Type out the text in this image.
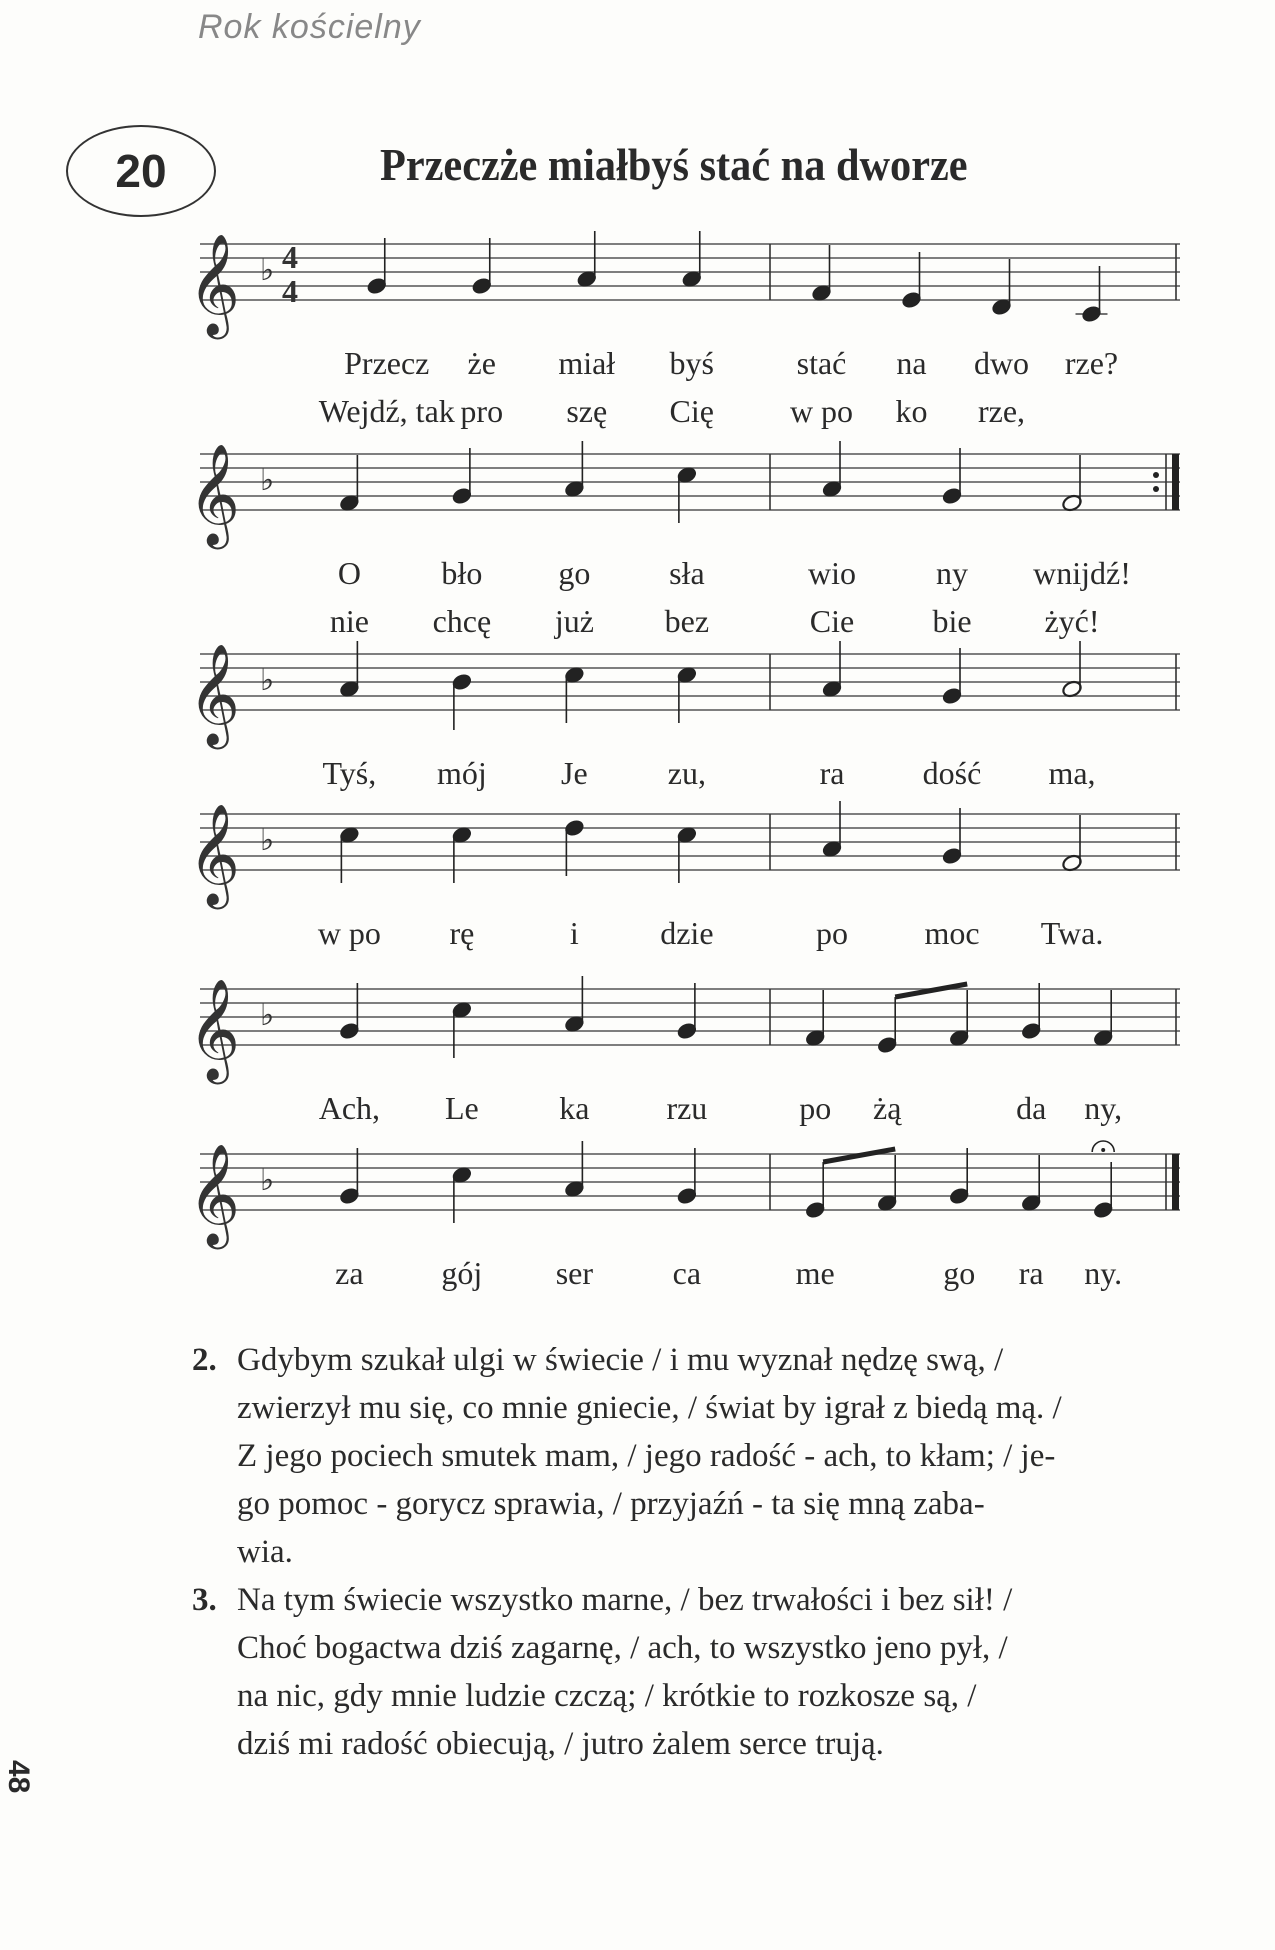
Rok kościelny
20	Przeczże miałbyś stać na dworze
𝄞 ♭ 4
4
Przecz że miał byś	stać na dwo rze?
Wejdź, tak pro szę Cię w po ko rze,
𝄞 ♭
O	bło go sła	wio	ny wnijdź!
nie chcę już bez	Cie bie żyć!
𝄞 ♭
Tyś, mój Je	zu,	ra dość ma,
𝄞 ♭
w po rę	i	dzie	po moc Twa.
𝄞 ♭
Ach, Le	ka rzu	po żą	da ny,
𝄞 ♭
za gój ser ca	me	go ra ny.
2. Gdybym szukał ulgi w świecie / i mu wyznał nędzę swą, /
zwierzył mu się, co mnie gniecie, / świat by igrał z biedą mą. /
Z jego pociech smutek mam, / jego radość - ach, to kłam; / je-
go pomoc - gorycz sprawia, / przyjaźń - ta się mną zaba-
wia.
3. Na tym świecie wszystko marne, / bez trwałości i bez sił! /
Choć bogactwa dziś zagarnę, / ach, to wszystko jeno pył, /
na nic, gdy mnie ludzie czczą; / krótkie to rozkosze są, /
dziś mi radość obiecują, / jutro żalem serce trują.
48
